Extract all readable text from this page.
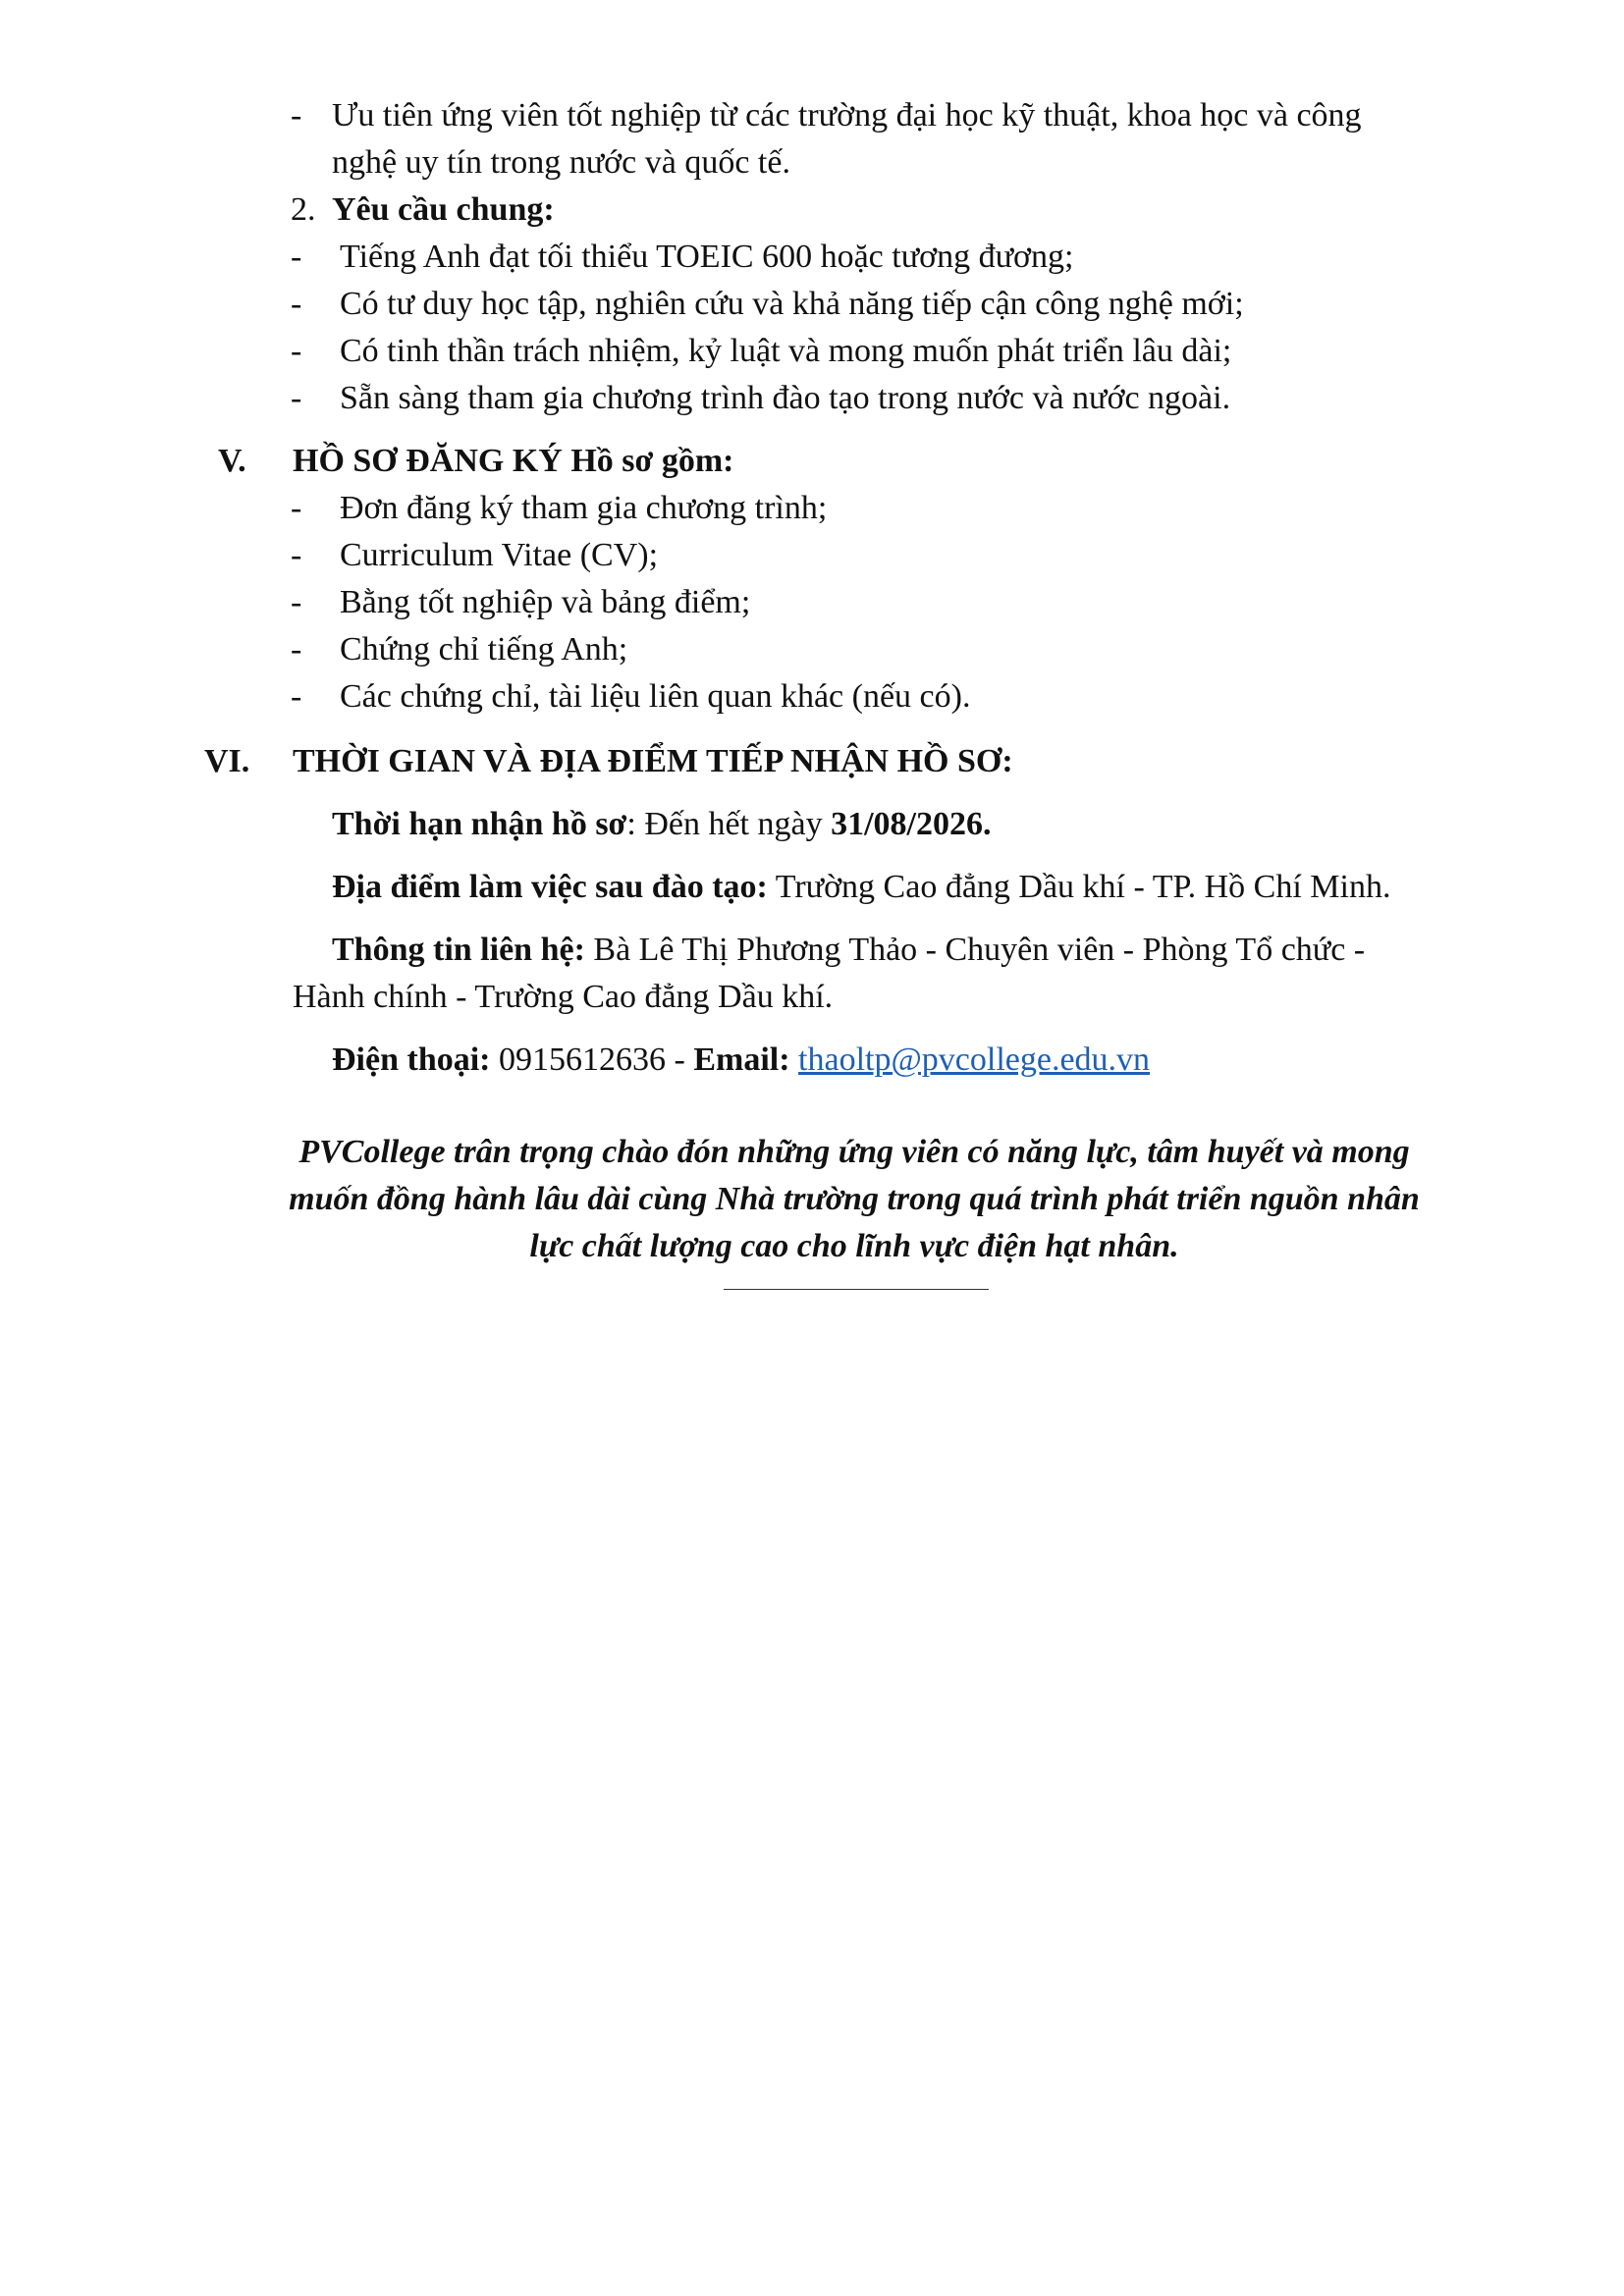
- Ưu tiên ứng viên tốt nghiệp từ các trường đại học kỹ thuật, khoa học và công
nghệ uy tín trong nước và quốc tế.
2. Yêu cầu chung:
- Tiếng Anh đạt tối thiểu TOEIC 600 hoặc tương đương;
- Có tư duy học tập, nghiên cứu và khả năng tiếp cận công nghệ mới;
- Có tinh thần trách nhiệm, kỷ luật và mong muốn phát triển lâu dài;
- Sẵn sàng tham gia chương trình đào tạo trong nước và nước ngoài.
V. HỒ SƠ ĐĂNG KÝ Hồ sơ gồm:
- Đơn đăng ký tham gia chương trình;
- Curriculum Vitae (CV);
- Bằng tốt nghiệp và bảng điểm;
- Chứng chỉ tiếng Anh;
- Các chứng chỉ, tài liệu liên quan khác (nếu có).
VI. THỜI GIAN VÀ ĐỊA ĐIỂM TIẾP NHẬN HỒ SƠ:
Thời hạn nhận hồ sơ: Đến hết ngày 31/08/2026.
Địa điểm làm việc sau đào tạo: Trường Cao đẳng Dầu khí - TP. Hồ Chí Minh.
Thông tin liên hệ: Bà Lê Thị Phương Thảo - Chuyên viên - Phòng Tổ chức -
Hành chính - Trường Cao đẳng Dầu khí.
Điện thoại: 0915612636 - Email: thaoltp@pvcollege.edu.vn
PVCollege trân trọng chào đón những ứng viên có năng lực, tâm huyết và mong
muốn đồng hành lâu dài cùng Nhà trường trong quá trình phát triển nguồn nhân
lực chất lượng cao cho lĩnh vực điện hạt nhân.
